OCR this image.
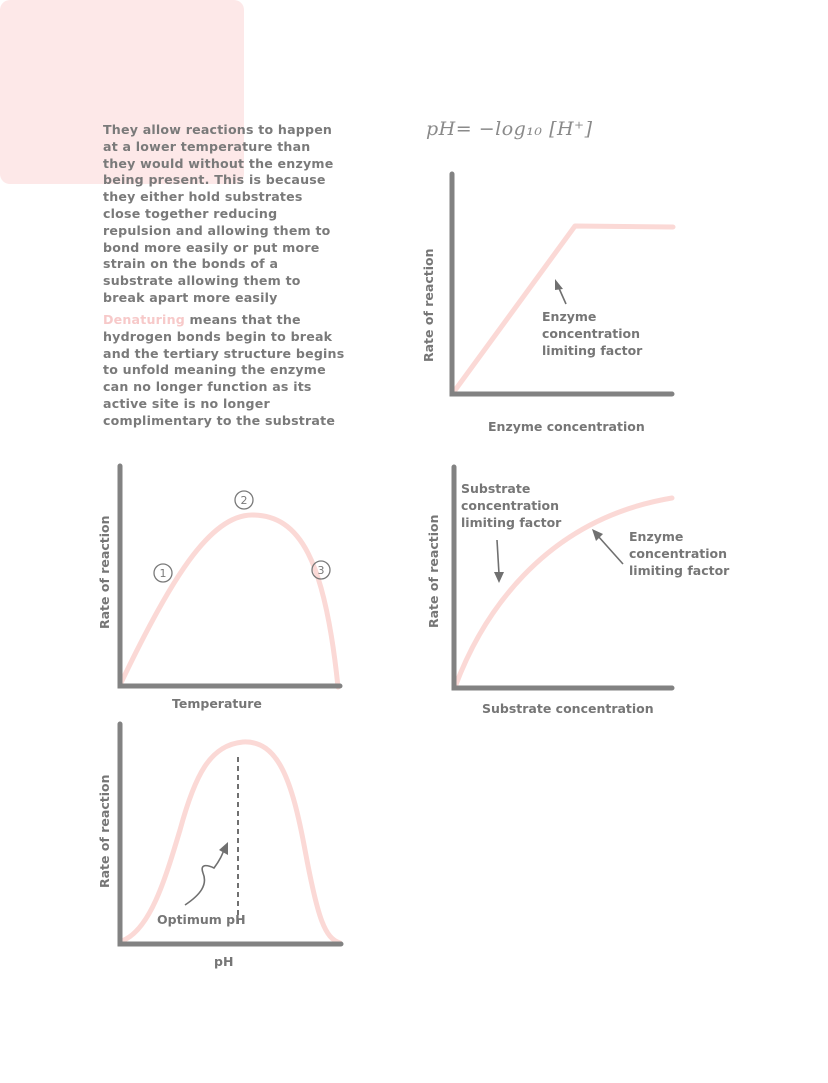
They allow reactions to happen at a lower temperature than they would without the enzyme being present. This is because they either hold substrates close together reducing repulsion and allowing them to bond more easily or put more strain on the bonds of a substrate allowing them to break apart more easily
Denaturing means that the hydrogen bonds begin to break and the tertiary structure begins to unfold meaning the enzyme can no longer function as its active site is no longer complimentary to the substrate
pH= −log₁₀ [H⁺]
Rate of reaction
Enzyme concentration
Enzyme
concentration
limiting factor
Rate of reaction
Temperature
1
2
3	Rate of reaction
Substrate concentration
Substrate
concentration
limiting factor
Enzyme
concentration
limiting factor
Rate of reaction
pH
Optimum pH
